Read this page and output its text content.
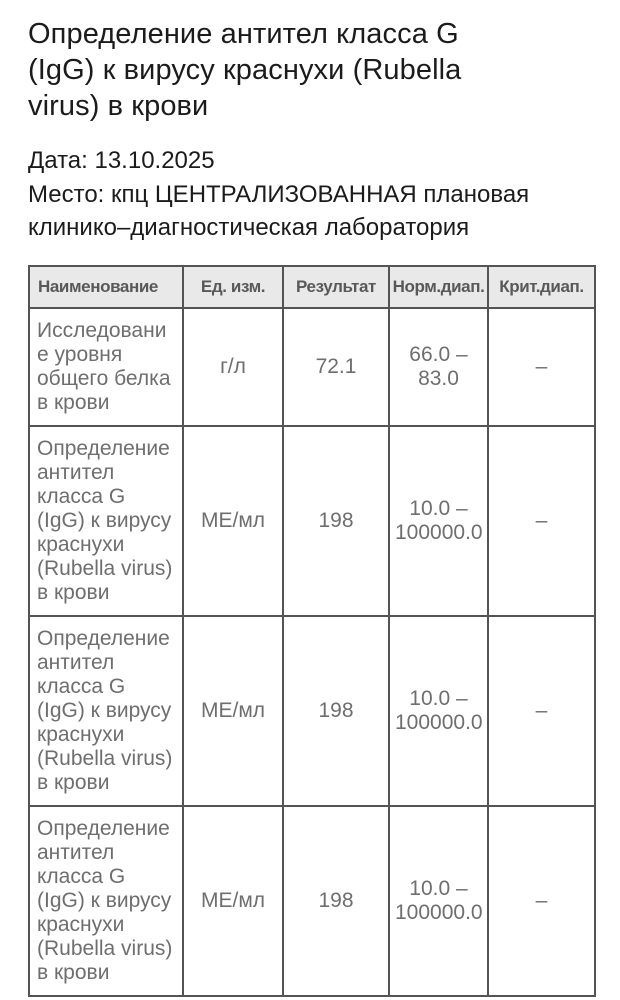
Определение антител класса G (IgG) к вирусу краснухи (Rubella virus) в крови

Дата: 13.10.2025

Место: кпц ЦЕНТРАЛИЗОВАННАЯ плановая клинико–диагностическая лаборатория

Наименование	Ед. изм.	Результат	Норм.диап.	Крит.диап.
Исследование уровня общего белка в крови	г/л	72.1	66.0 – 83.0	–
Определение антител класса G (IgG) к вирусу краснухи (Rubella virus) в крови	МЕ/мл	198	10.0 – 100000.0	–
Определение антител класса G (IgG) к вирусу краснухи (Rubella virus) в крови	МЕ/мл	198	10.0 – 100000.0	–
Определение антител класса G (IgG) к вирусу краснухи (Rubella virus) в крови	МЕ/мл	198	10.0 – 100000.0	–
